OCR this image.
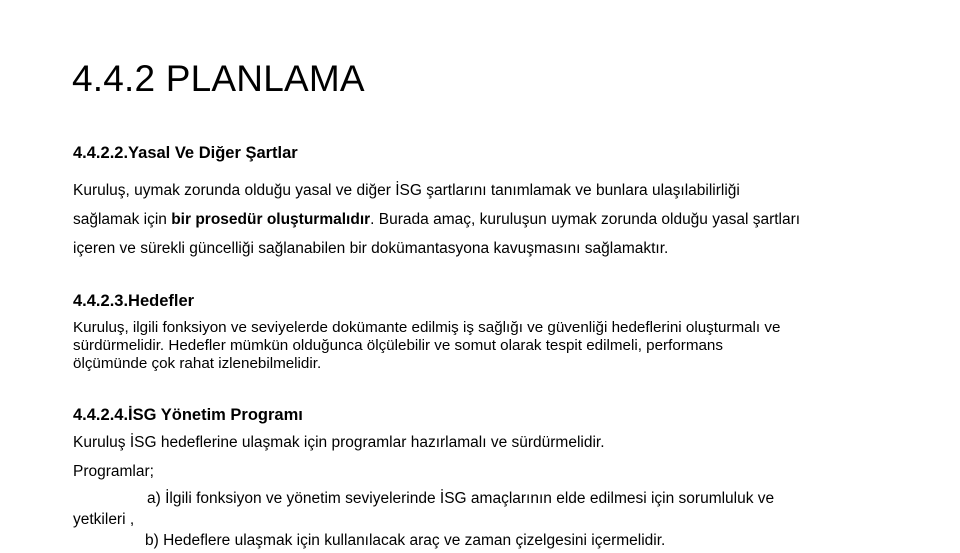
4.4.2 PLANLAMA
4.4.2.2.Yasal Ve Diğer Şartlar
Kuruluş, uymak zorunda olduğu yasal ve diğer İSG şartlarını tanımlamak ve bunlara ulaşılabilirliği
sağlamak için bir prosedür oluşturmalıdır. Burada amaç, kuruluşun uymak zorunda olduğu yasal şartları
içeren ve sürekli güncelliği sağlanabilen bir dokümantasyona kavuşmasını sağlamaktır.
4.4.2.3.Hedefler
Kuruluş, ilgili fonksiyon ve seviyelerde dokümante edilmiş iş sağlığı ve güvenliği hedeflerini oluşturmalı ve
sürdürmelidir. Hedefler mümkün olduğunca ölçülebilir ve somut olarak tespit edilmeli, performans
ölçümünde çok rahat izlenebilmelidir.
4.4.2.4.İSG Yönetim Programı
Kuruluş İSG hedeflerine ulaşmak için programlar hazırlamalı ve sürdürmelidir.
Programlar;
a) İlgili fonksiyon ve yönetim seviyelerinde İSG amaçlarının elde edilmesi için sorumluluk ve
yetkileri ,
b) Hedeflere ulaşmak için kullanılacak araç ve zaman çizelgesini içermelidir.
